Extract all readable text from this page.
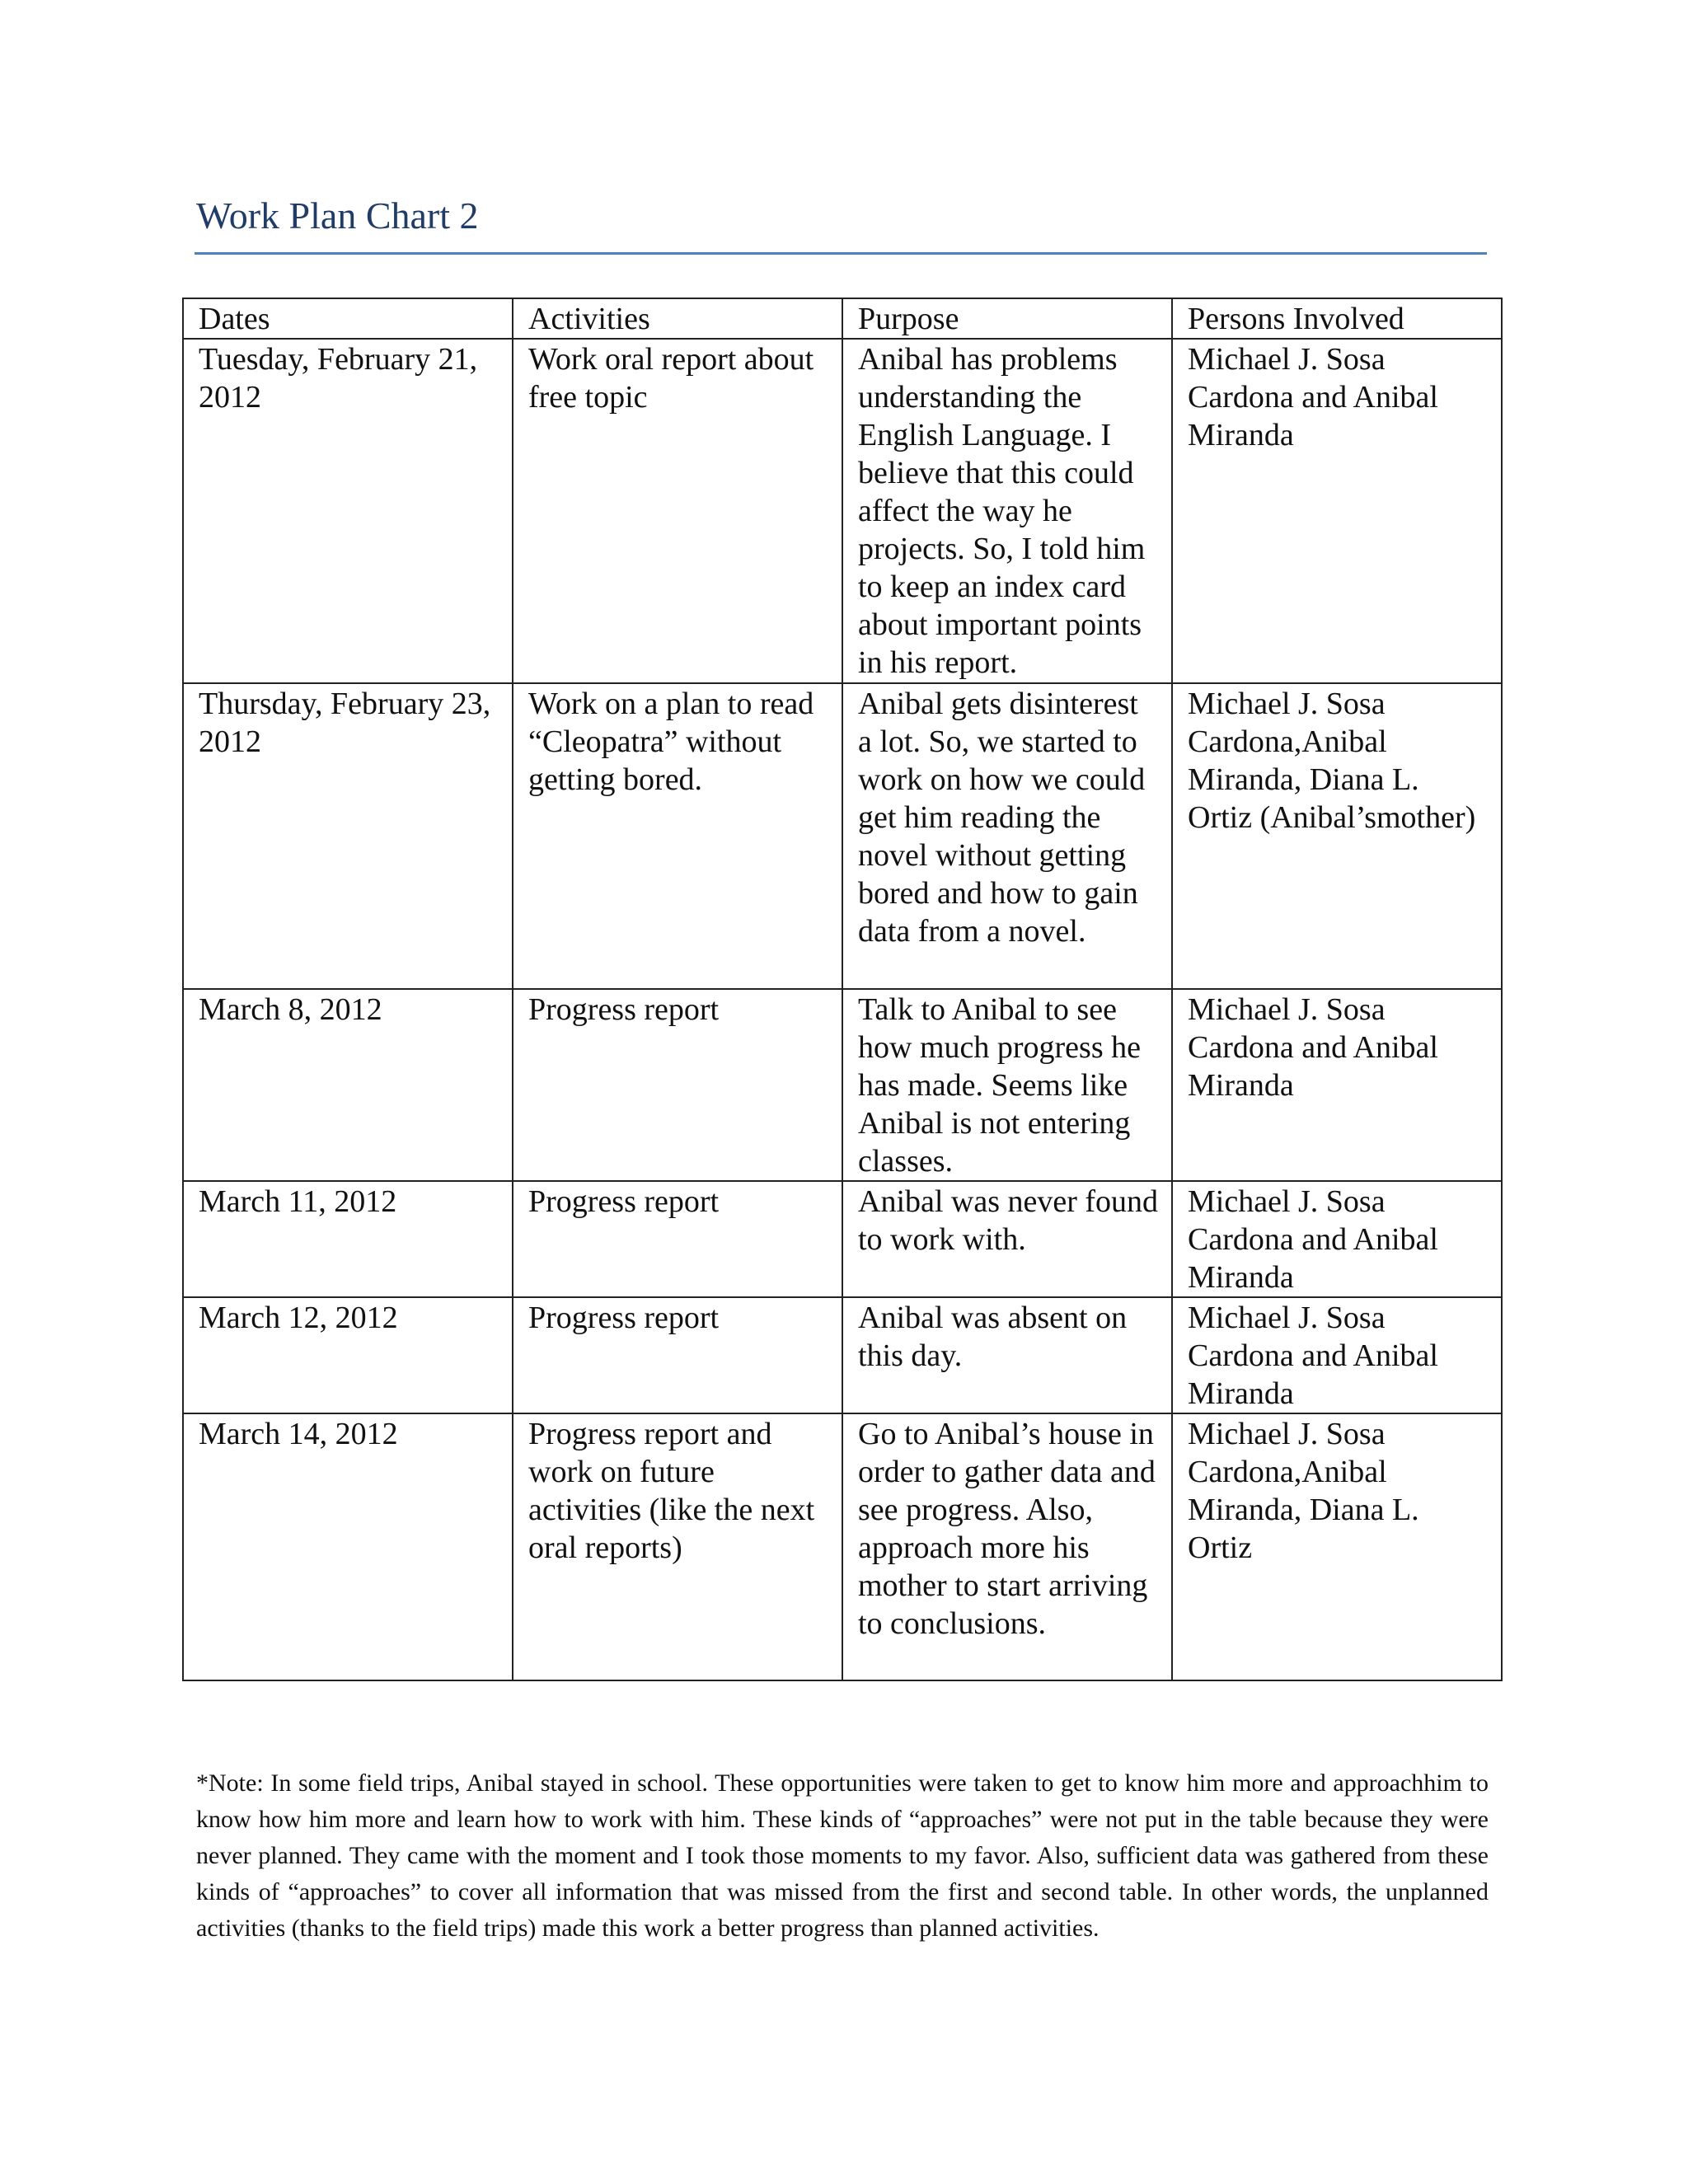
Work Plan Chart 2
Dates	Activities	Purpose	Persons Involved
Tuesday, February 21, 2012	Work oral report about free topic	Anibal has problems understanding the English Language. I believe that this could affect the way he projects. So, I told him to keep an index card about important points in his report.	Michael J. Sosa Cardona and Anibal Miranda
Thursday, February 23, 2012	Work on a plan to read “Cleopatra” without getting bored.	Anibal gets disinterest a lot. So, we started to work on how we could get him reading the novel without getting bored and how to gain data from a novel.	Michael J. Sosa Cardona,Anibal Miranda, Diana L. Ortiz (Anibal’smother)
March 8, 2012	Progress report	Talk to Anibal to see how much progress he has made. Seems like Anibal is not entering classes.	Michael J. Sosa Cardona and Anibal Miranda
March 11, 2012	Progress report	Anibal was never found to work with.	Michael J. Sosa Cardona and Anibal Miranda
March 12, 2012	Progress report	Anibal was absent on this day.	Michael J. Sosa Cardona and Anibal Miranda
March 14, 2012	Progress report and work on future activities (like the next oral reports)	Go to Anibal’s house in order to gather data and see progress. Also, approach more his mother to start arriving to conclusions.	Michael J. Sosa Cardona,Anibal Miranda, Diana L. Ortiz

*Note: In some field trips, Anibal stayed in school. These opportunities were taken to get to know him more and approachhim to know how him more and learn how to work with him. These kinds of “approaches” were not put in the table because they were never planned. They came with the moment and I took those moments to my favor. Also, sufficient data was gathered from these kinds of “approaches” to cover all information that was missed from the first and second table. In other words, the unplanned activities (thanks to the field trips) made this work a better progress than planned activities.
